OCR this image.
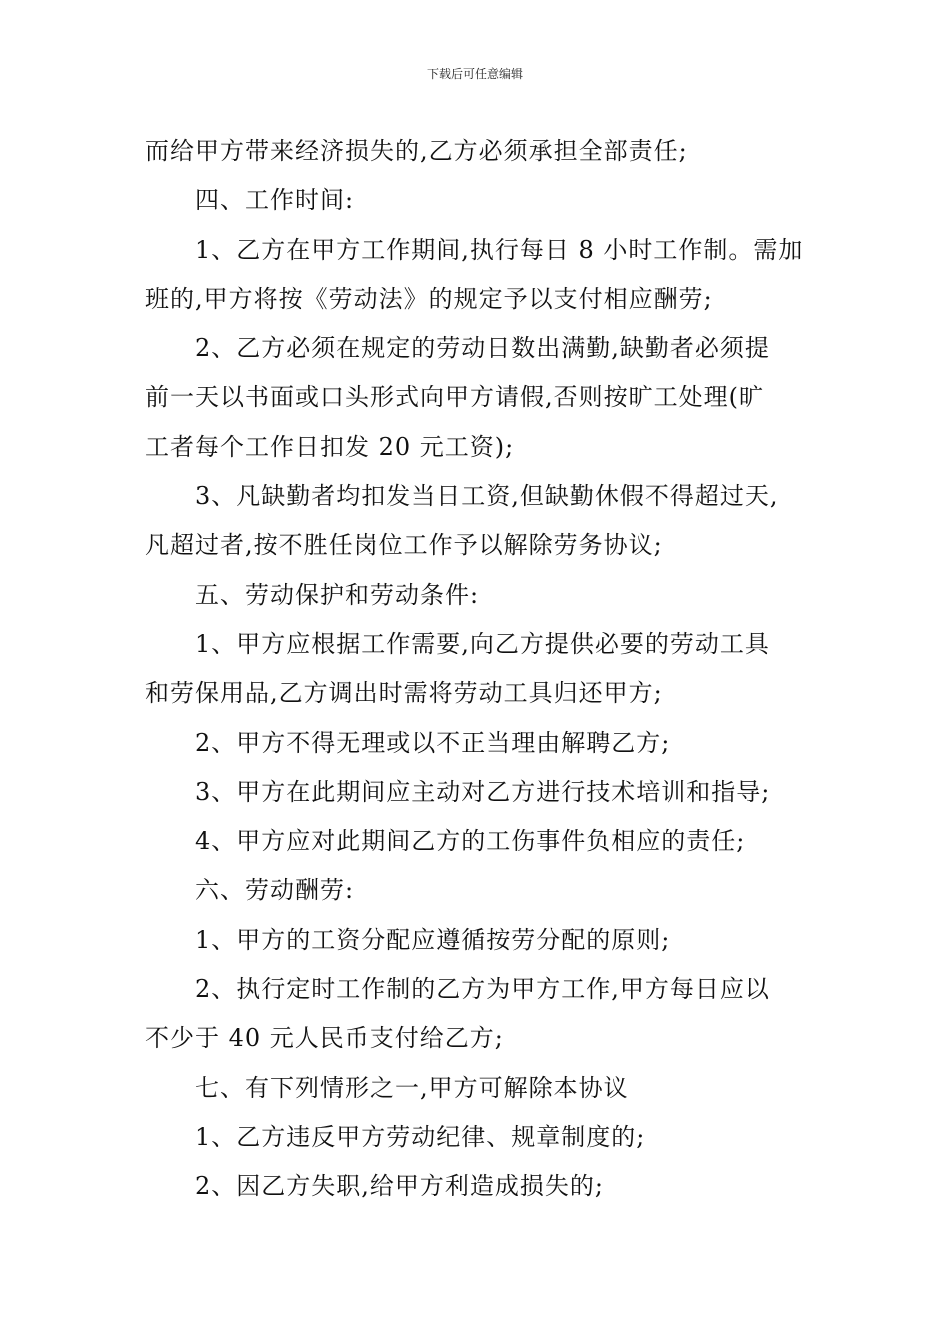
下载后可任意编辑
而给甲方带来经济损失的,乙方必须承担全部责任;
四、工作时间:
1、乙方在甲方工作期间,执行每日 8 小时工作制。需加
班的,甲方将按《劳动法》的规定予以支付相应酬劳;
2、乙方必须在规定的劳动日数出满勤,缺勤者必须提
前一天以书面或口头形式向甲方请假,否则按旷工处理(旷
工者每个工作日扣发 20 元工资);
3、凡缺勤者均扣发当日工资,但缺勤休假不得超过天,
凡超过者,按不胜任岗位工作予以解除劳务协议;
五、劳动保护和劳动条件:
1、甲方应根据工作需要,向乙方提供必要的劳动工具
和劳保用品,乙方调出时需将劳动工具归还甲方;
2、甲方不得无理或以不正当理由解聘乙方;
3、甲方在此期间应主动对乙方进行技术培训和指导;
4、甲方应对此期间乙方的工伤事件负相应的责任;
六、劳动酬劳:
1、甲方的工资分配应遵循按劳分配的原则;
2、执行定时工作制的乙方为甲方工作,甲方每日应以
不少于 40 元人民币支付给乙方;
七、有下列情形之一,甲方可解除本协议
1、乙方违反甲方劳动纪律、规章制度的;
2、因乙方失职,给甲方利造成损失的;
